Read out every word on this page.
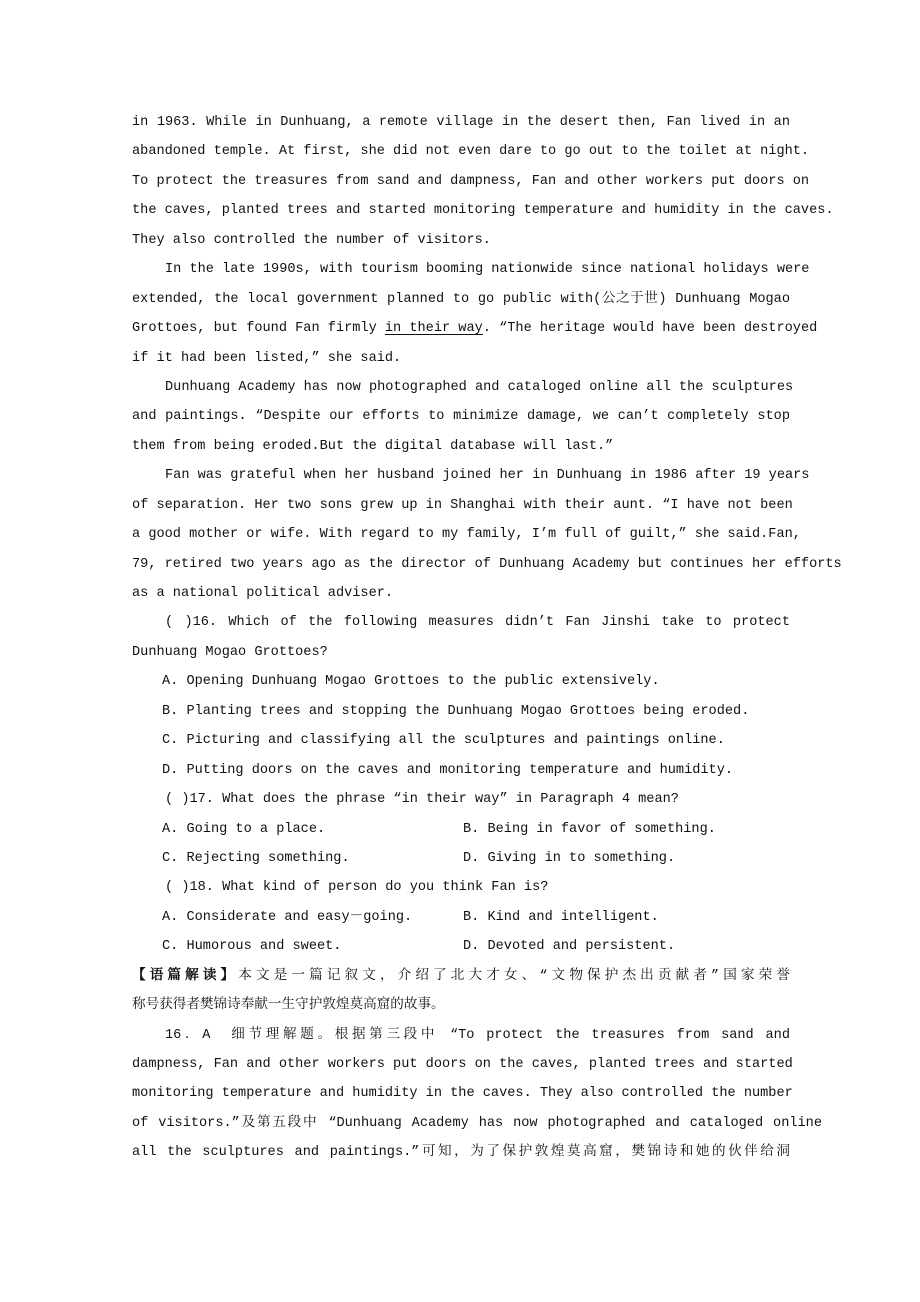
in 1963. While in Dunhuang, a remote village in the desert then, Fan lived in an
abandoned temple. At first, she did not even dare to go out to the toilet at night.
To protect the treasures from sand and dampness, Fan and other workers put doors on
the caves, planted trees and started monitoring temperature and humidity in the caves.
They also controlled the number of visitors.
In the late 1990s, with tourism booming nationwide since national holidays were
extended, the local government planned to go public with(公之于世) Dunhuang Mogao
Grottoes, but found Fan firmly in their way. “The heritage would have been destroyed
if it had been listed,” she said.
Dunhuang Academy has now photographed and cataloged online all the sculptures
and paintings. “Despite our efforts to minimize damage, we can’t completely stop
them from being eroded.But the digital database will last.”
Fan was grateful when her husband joined her in Dunhuang in 1986 after 19 years
of separation. Her two sons grew up in Shanghai with their aunt. “I have not been
a good mother or wife. With regard to my family, I’m full of guilt,” she said.Fan,
79, retired two years ago as the director of Dunhuang Academy but continues her efforts
as a national political adviser.
( )16. Which of the following measures didn’t Fan Jinshi take to protect
Dunhuang Mogao Grottoes?
A. Opening Dunhuang Mogao Grottoes to the public extensively.
B. Planting trees and stopping the Dunhuang Mogao Grottoes being eroded.
C. Picturing and classifying all the sculptures and paintings online.
D. Putting doors on the caves and monitoring temperature and humidity.
( )17. What does the phrase “in their way” in Paragraph 4 mean?
A. Going to a place.	B. Being in favor of something.
C. Rejecting something.	D. Giving in to something.
( )18. What kind of person do you think Fan is?
A. Considerate and easy－going.	B. Kind and intelligent.
C. Humorous and sweet.	D. Devoted and persistent.
【语篇解读】本文是一篇记叙文，介绍了北大才女、“文物保护杰出贡献者”国家荣誉
称号获得者樊锦诗奉献一生守护敦煌莫高窟的故事。
16．A　细节理解题。根据第三段中 “To protect the treasures from sand and
dampness, Fan and other workers put doors on the caves, planted trees and started
monitoring temperature and humidity in the caves. They also controlled the number
of visitors.”及第五段中 “Dunhuang Academy has now photographed and cataloged online
all the sculptures and paintings.”可知，为了保护敦煌莫高窟，樊锦诗和她的伙伴给洞
